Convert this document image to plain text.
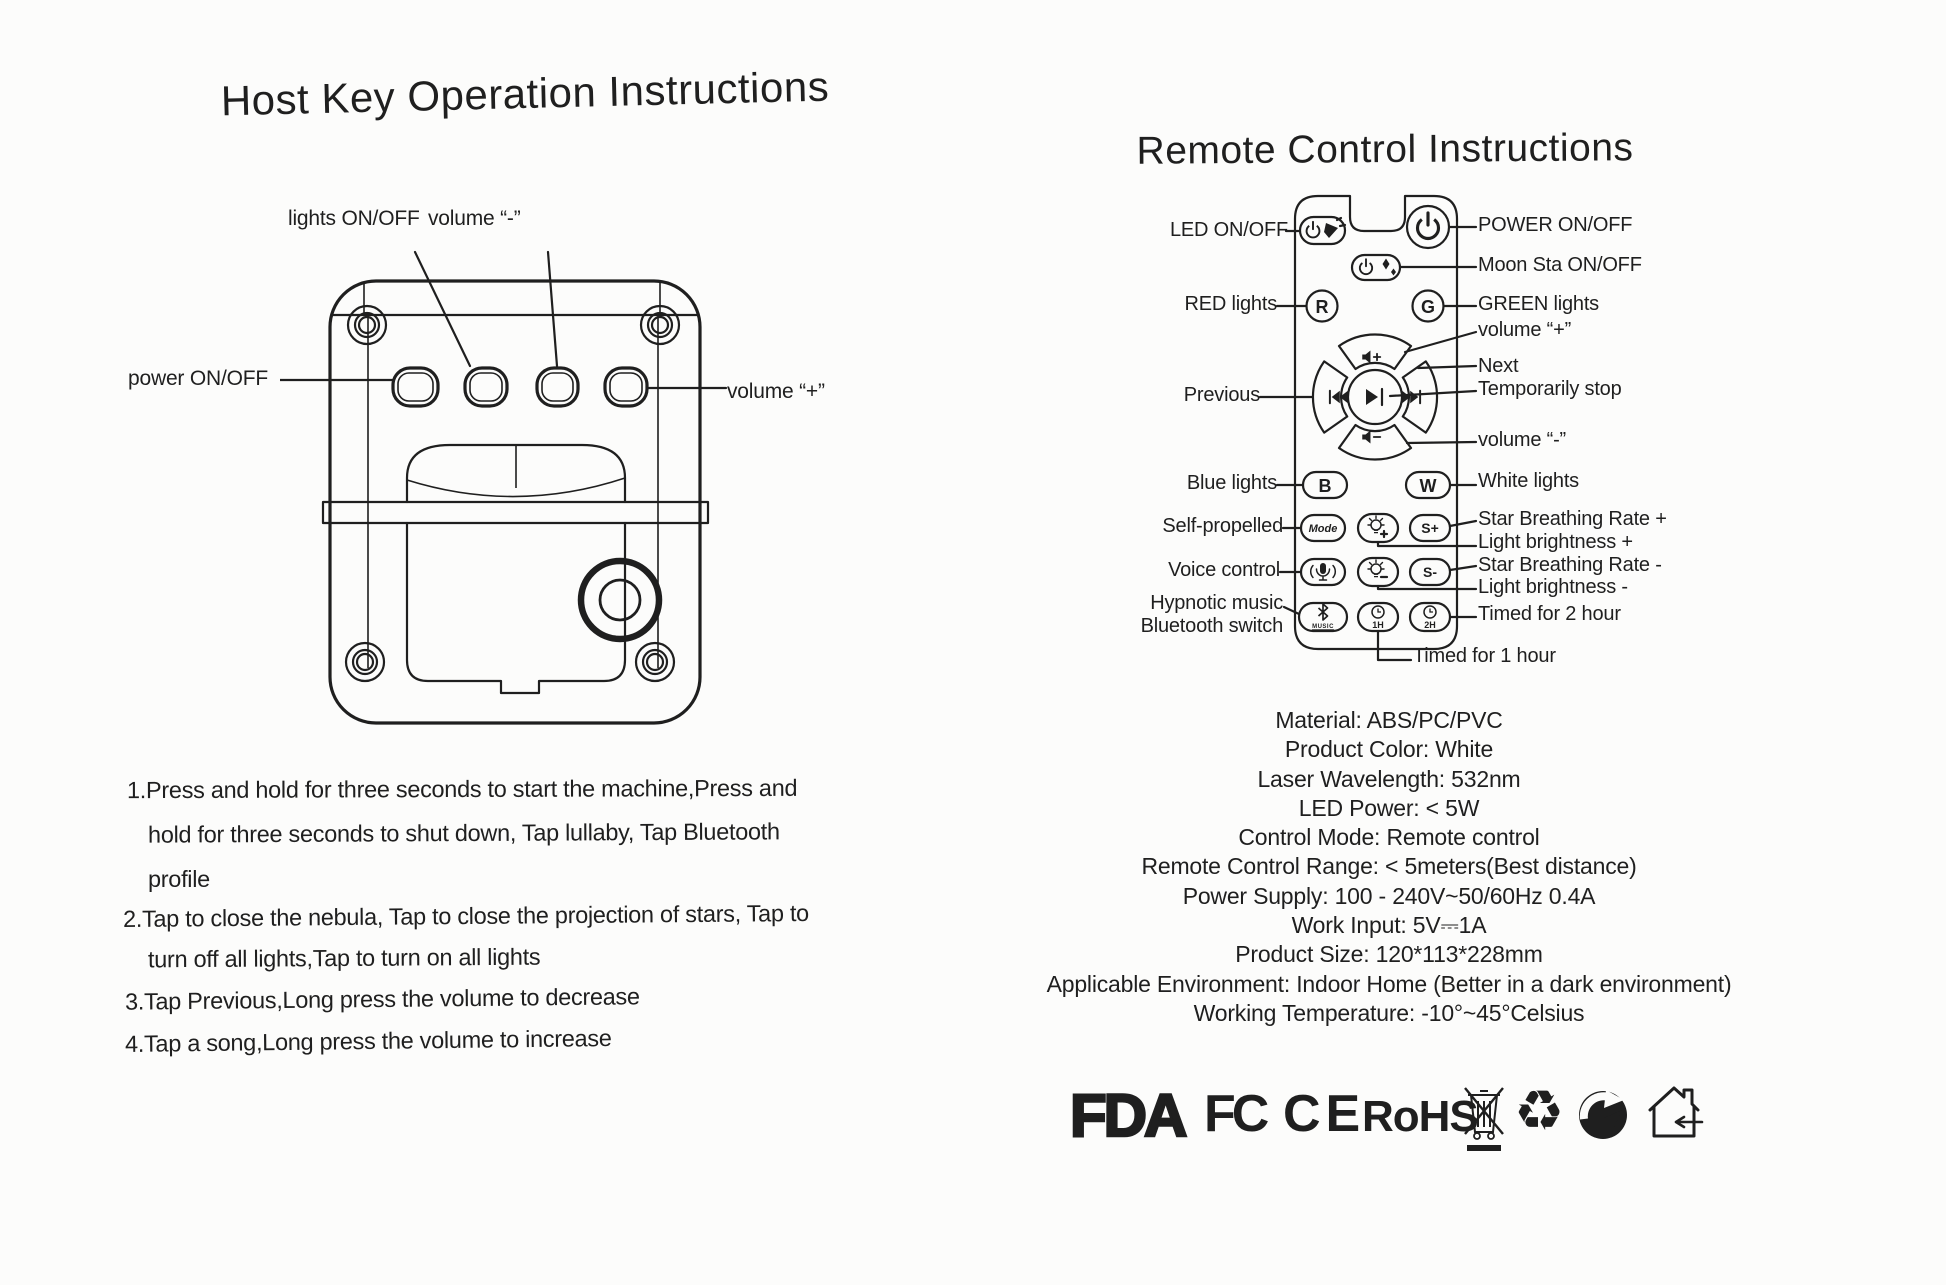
Host Key Operation Instructions
lights ON/OFF volume “-”
power ON/OFF
volume “+”
1.Press and hold for three seconds to start the machine,Press and
hold for three seconds to shut down, Tap lullaby, Tap Bluetooth
profile
2.Tap to close the nebula, Tap to close the projection of stars, Tap to
turn off all lights,Tap to turn on all lights
3.Tap Previous,Long press the volume to decrease
4.Tap a song,Long press the volume to increase
Remote Control Instructions
LED ON/OFF
RED lights
Previous
Blue lights
Self-propelled
Voice control
Hypnotic music
Bluetooth switch
POWER ON/OFF
Moon Sta ON/OFF
GREEN lights
volume “+”
Next
Temporarily stop
volume “-”
White lights
Star Breathing Rate +
Light brightness +
Star Breathing Rate -
Light brightness -
Timed for 2 hour
Timed for 1 hour
R	G
B	W
Mode	S+
S-
MUSIC	1H	2H
Material: ABS/PC/PVC
Product Color: White
Laser Wavelength: 532nm
LED Power: < 5W
Control Mode: Remote control
Remote Control Range: < 5meters(Best distance)
Power Supply: 100 - 240V~50/60Hz 0.4A
Work Input: 5V⎓1A
Product Size: 120*113*228mm
Applicable Environment: Indoor Home (Better in a dark environment)
Working Temperature: -10°~45°Celsius
FDA FC CE
RoHS ♻
